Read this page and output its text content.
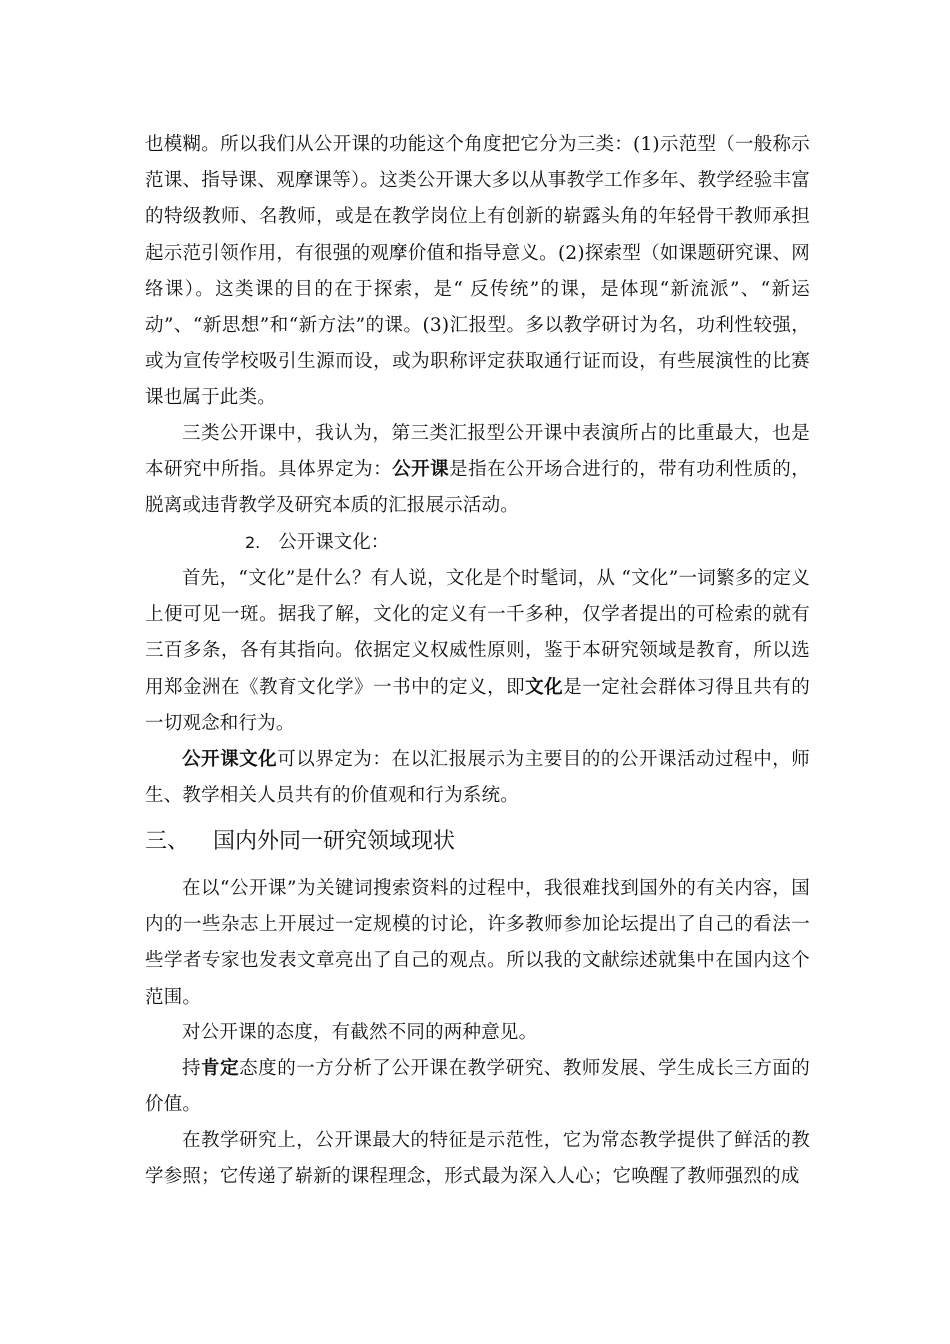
也模糊。所以我们从公开课的功能这个角度把它分为三类：(1)示范型（一般称示范课、指导课、观摩课等）。这类公开课大多以从事教学工作多年、教学经验丰富的特级教师、名教师，或是在教学岗位上有创新的崭露头角的年轻骨干教师承担起示范引领作用，有很强的观摩价值和指导意义。(2)探索型（如课题研究课、网络课）。这类课的目的在于探索，是“ 反传统”的课，是体现“新流派”、“新运动”、“新思想”和“新方法”的课。(3)汇报型。多以教学研讨为名，功利性较强，或为宣传学校吸引生源而设，或为职称评定获取通行证而设，有些展演性的比赛课也属于此类。
三类公开课中，我认为，第三类汇报型公开课中表演所占的比重最大，也是本研究中所指。具体界定为：公开课是指在公开场合进行的，带有功利性质的，脱离或违背教学及研究本质的汇报展示活动。
2. 公开课文化：
首先，“文化”是什么？有人说，文化是个时髦词，从 “文化”一词繁多的定义上便可见一斑。据我了解，文化的定义有一千多种，仅学者提出的可检索的就有三百多条，各有其指向。依据定义权威性原则，鉴于本研究领域是教育，所以选用郑金洲在《教育文化学》一书中的定义，即文化是一定社会群体习得且共有的一切观念和行为。
公开课文化可以界定为：在以汇报展示为主要目的的公开课活动过程中，师生、教学相关人员共有的价值观和行为系统。
三、 国内外同一研究领域现状
在以“公开课”为关键词搜索资料的过程中，我很难找到国外的有关内容，国内的一些杂志上开展过一定规模的讨论，许多教师参加论坛提出了自己的看法一些学者专家也发表文章亮出了自己的观点。所以我的文献综述就集中在国内这个范围。
对公开课的态度，有截然不同的两种意见。
持肯定态度的一方分析了公开课在教学研究、教师发展、学生成长三方面的价值。
在教学研究上，公开课最大的特征是示范性，它为常态教学提供了鲜活的教学参照；它传递了崭新的课程理念，形式最为深入人心；它唤醒了教师强烈的成
